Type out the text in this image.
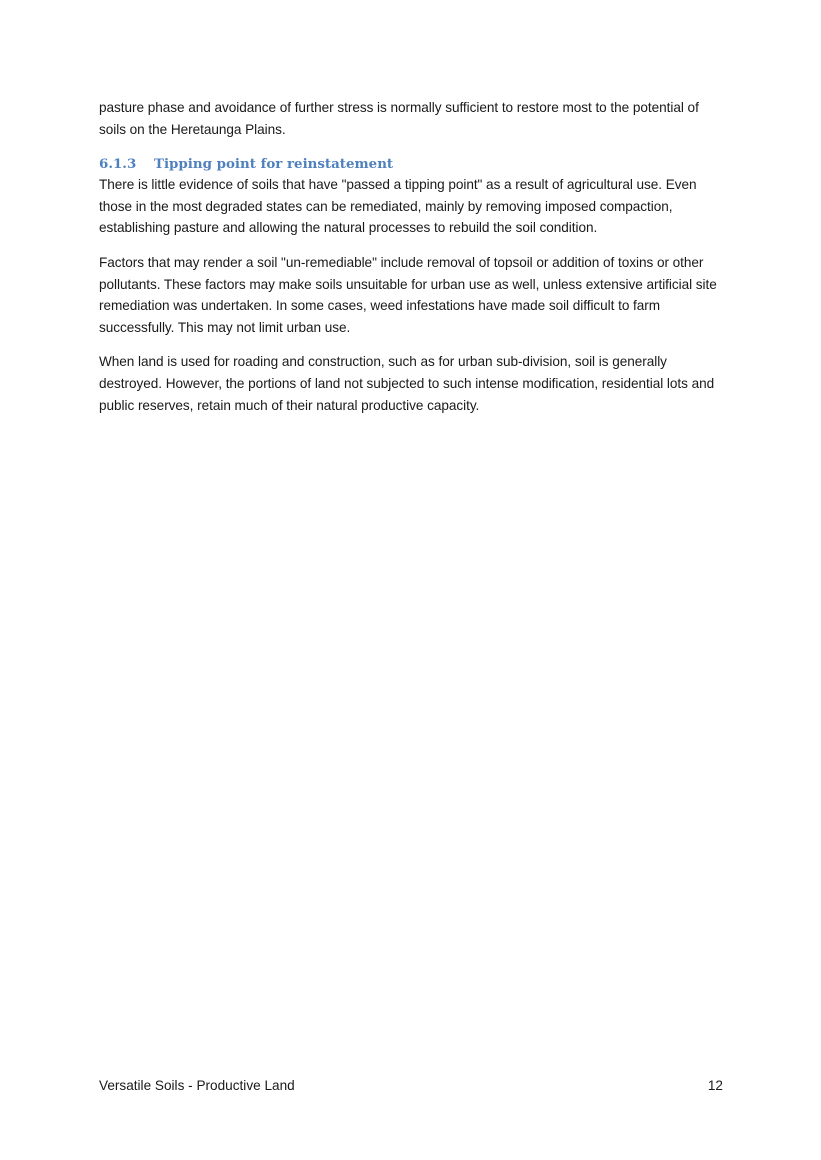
pasture phase and avoidance of further stress is normally sufficient to restore most to the potential of soils on the Heretaunga Plains.

6.1.3	Tipping point for reinstatement

There is little evidence of soils that have "passed a tipping point" as a result of agricultural use. Even those in the most degraded states can be remediated, mainly by removing imposed compaction, establishing pasture and allowing the natural processes to rebuild the soil condition.

Factors that may render a soil "un-remediable" include removal of topsoil or addition of toxins or other pollutants. These factors may make soils unsuitable for urban use as well, unless extensive artificial site remediation was undertaken. In some cases, weed infestations have made soil difficult to farm successfully. This may not limit urban use.

When land is used for roading and construction, such as for urban sub-division, soil is generally destroyed. However, the portions of land not subjected to such intense modification, residential lots and public reserves, retain much of their natural productive capacity.

Versatile Soils - Productive Land	12
